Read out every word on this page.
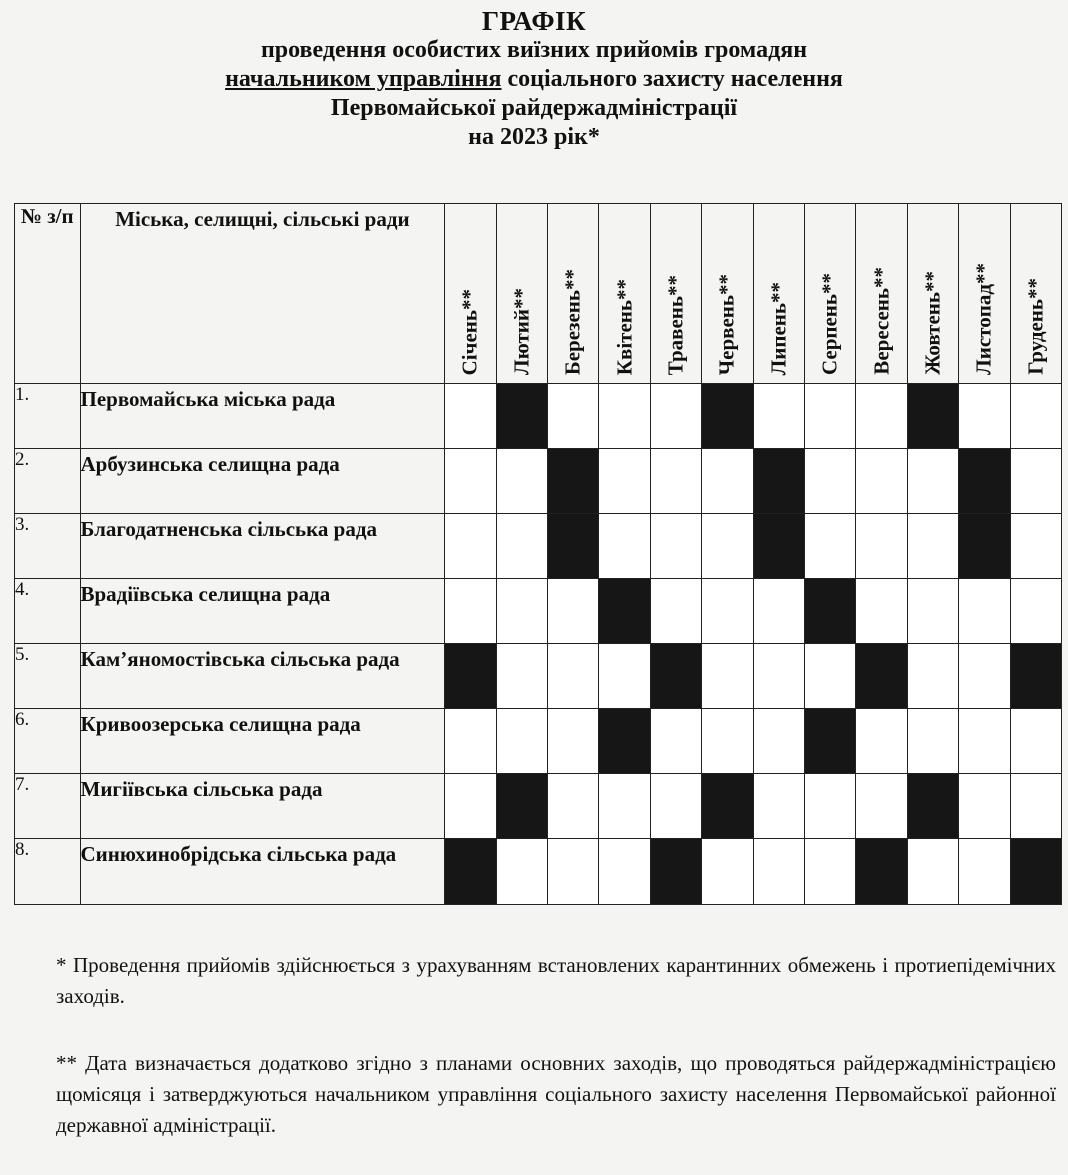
ГРАФІК
проведення особистих виїзних прийомів громадян
начальником управління соціального захисту населення
Первомайської райдержадміністрації
на 2023 рік*
№ з/п	Міська, селищні, сільські ради	Січень**	Лютий**	Березень**	Квітень**	Травень**	Червень**	Липень**	Серпень**	Вересень**	Жовтень**	Листопад**	Грудень**

1.	Первомайська міська рада												
2.	Арбузинська селищна рада												
3.	Благодатненська сільська рада												
4.	Врадіївська селищна рада												
5.	Кам’яномостівська сільська рада												
6.	Кривоозерська селищна рада												
7.	Мигіївська сільська рада												
8.	Синюхинобрідська сільська рада												
* Проведення прийомів здійснюється з урахуванням встановлених карантинних обмежень і протиепідемічних заходів.
** Дата визначається додатково згідно з планами основних заходів, що проводяться райдержадміністрацією щомісяця і затверджуються начальником управління соціального захисту населення Первомайської районної державної адміністрації.
